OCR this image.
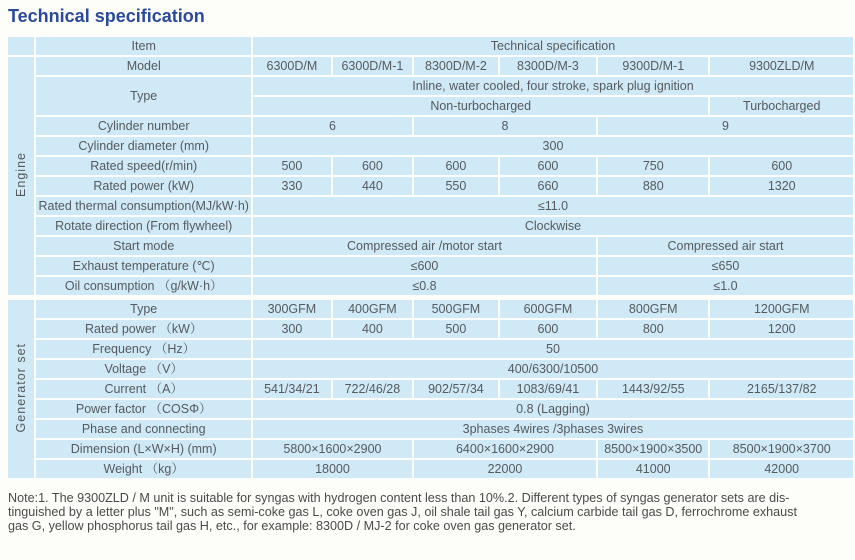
Technical specification
	Item	Technical specification					
Engine	Model	6300D/M	6300D/M-1	8300D/M-2	8300D/M-3	9300D/M-1	9300ZLD/M
	Type	Inline, water cooled, four stroke, spark plug ignition					
		Non-turbocharged					Turbocharged
	Cylinder number	6		8		9	
	Cylinder diameter (mm)	300					
	Rated speed(r/min)	500	600	600	600	750	600
	Rated power (kW)	330	440	550	660	880	1320
	Rated thermal consumption(MJ/kW·h)	≤11.0					
	Rotate direction (From flywheel)	Clockwise					
	Start mode	Compressed air /motor start				Compressed air start	
	Exhaust temperature (℃)	≤600				≤650	
	Oil consumption （g/kW·h）	≤0.8				≤1.0	

Generator set	Type	300GFM	400GFM	500GFM	600GFM	800GFM	1200GFM
	Rated power （kW）	300	400	500	600	800	1200
	Frequency （Hz）	50					
	Voltage （V）	400/6300/10500					
	Current （A）	541/34/21	722/46/28	902/57/34	1083/69/41	1443/92/55	2165/137/82
	Power factor （COSΦ）	0.8 (Lagging)					
	Phase and connecting	3phases 4wires /3phases 3wires					
	Dimension (L×W×H) (mm)	5800×1600×2900		6400×1600×2900		8500×1900×3500	8500×1900×3700
	Weight （kg）	18000		22000		41000	42000
Note:1. The 9300ZLD / M unit is suitable for syngas with hydrogen content less than 10%.2. Different types of syngas generator sets are dis-
tinguished by a letter plus "M", such as semi-coke gas L, coke oven gas J, oil shale tail gas Y, calcium carbide tail gas D, ferrochrome exhaust
gas G, yellow phosphorus tail gas H, etc., for example: 8300D / MJ-2 for coke oven gas generator set.
